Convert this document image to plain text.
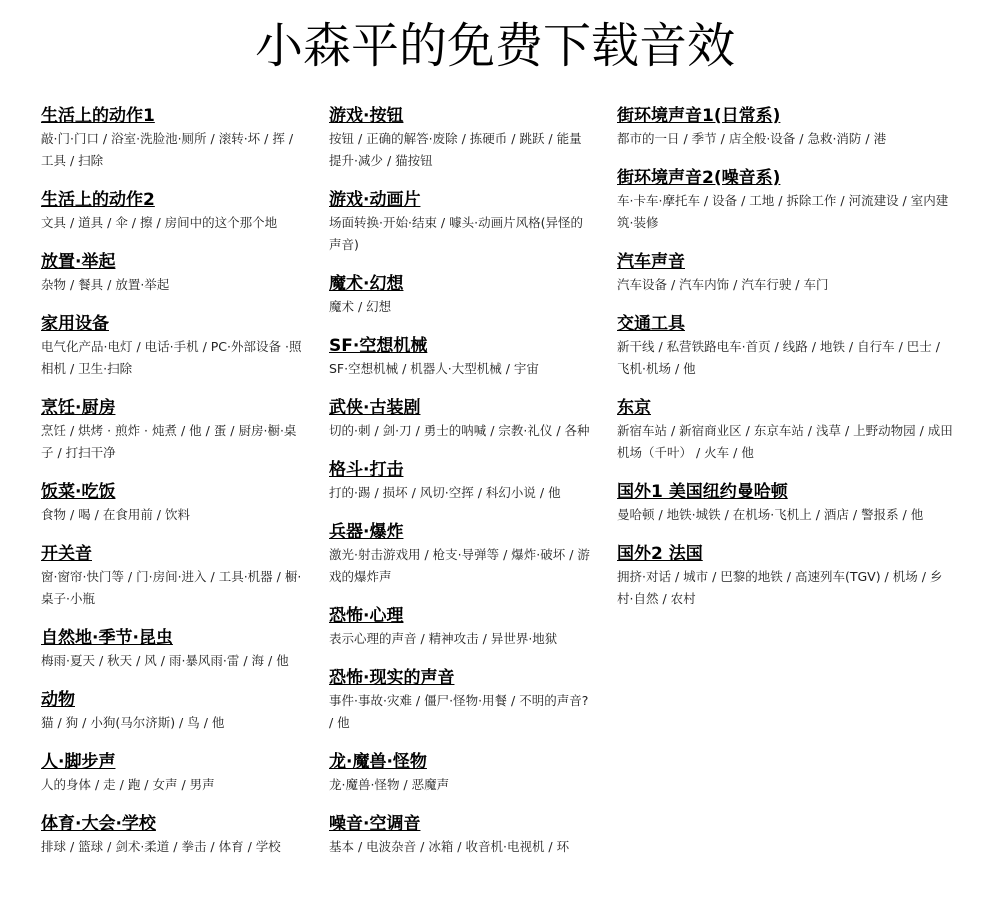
小森平的免费下载音效
生活上的动作1

敲·门·门口 / 浴室·洗脸池·厕所 / 滚转·坏 / 挥 / 工具 / 扫除

生活上的动作2

文具 / 道具 / 伞 / 擦 / 房间中的这个那个地

放置·举起

杂物 / 餐具 / 放置·举起

家用设备

电气化产品·电灯 / 电话·手机 / PC·外部设备 ·照相机 / 卫生·扫除

烹饪·厨房

烹饪 / 烘烤 · 煎炸 · 炖煮 / 他 / 蛋 / 厨房·橱·桌子 / 打扫干净

饭菜·吃饭

食物 / 喝 / 在食用前 / 饮料

开关音

窗·窗帘·快门等 / 门·房间·进入 / 工具·机器 / 橱·桌子·小瓶

自然地·季节·昆虫

梅雨·夏天 / 秋天 / 风 / 雨·暴风雨·雷 / 海 / 他

动物

猫 / 狗 / 小狗(马尔济斯) / 鸟 / 他

人·脚步声

人的身体 / 走 / 跑 / 女声 / 男声

体育·大会·学校

排球 / 篮球 / 剑术·柔道 / 拳击 / 体育 / 学校

游戏·按钮

按钮 / 正确的解答·废除 / 拣硬币 / 跳跃 / 能量提升·减少 / 猫按钮

游戏·动画片

场面转换·开始·结束 / 噱头·动画片风格(异怪的声音)

魔术·幻想

魔术 / 幻想

SF·空想机械

SF·空想机械 / 机器人·大型机械 / 宇宙

武侠·古装剧

切的·刺 / 剑·刀 / 勇士的呐喊 / 宗教·礼仪 / 各种

格斗·打击

打的·踢 / 损坏 / 风切·空挥 / 科幻小说 / 他

兵器·爆炸

激光·射击游戏用 / 枪支·导弹等 / 爆炸·破坏 / 游戏的爆炸声

恐怖·心理

表示心理的声音 / 精神攻击 / 异世界·地狱

恐怖·现实的声音

事件·事故·灾难 / 僵尸·怪物·用餐 / 不明的声音? / 他

龙·魔兽·怪物

龙·魔兽·怪物 / 恶魔声

噪音·空调音

基本 / 电波杂音 / 冰箱 / 收音机·电视机 / 环

街环境声音1(日常系)

都市的一日 / 季节 / 店全般·设备 / 急救·消防 / 港

街环境声音2(噪音系)

车·卡车·摩托车 / 设备 / 工地 / 拆除工作 / 河流建设 / 室内建筑·装修

汽车声音

汽车设备 / 汽车内饰 / 汽车行驶 / 车门

交通工具

新干线 / 私营铁路电车·首页 / 线路 / 地铁 / 自行车 / 巴士 / 飞机·机场 / 他

东京

新宿车站 / 新宿商业区 / 东京车站 / 浅草 / 上野动物园 / 成田机场（千叶） / 火车 / 他

国外1 美国纽约曼哈顿

曼哈顿 / 地铁·城铁 / 在机场·飞机上 / 酒店 / 警报系 / 他

国外2 法国

拥挤·对话 / 城市 / 巴黎的地铁 / 高速列车(TGV) / 机场 / 乡村·自然 / 农村
